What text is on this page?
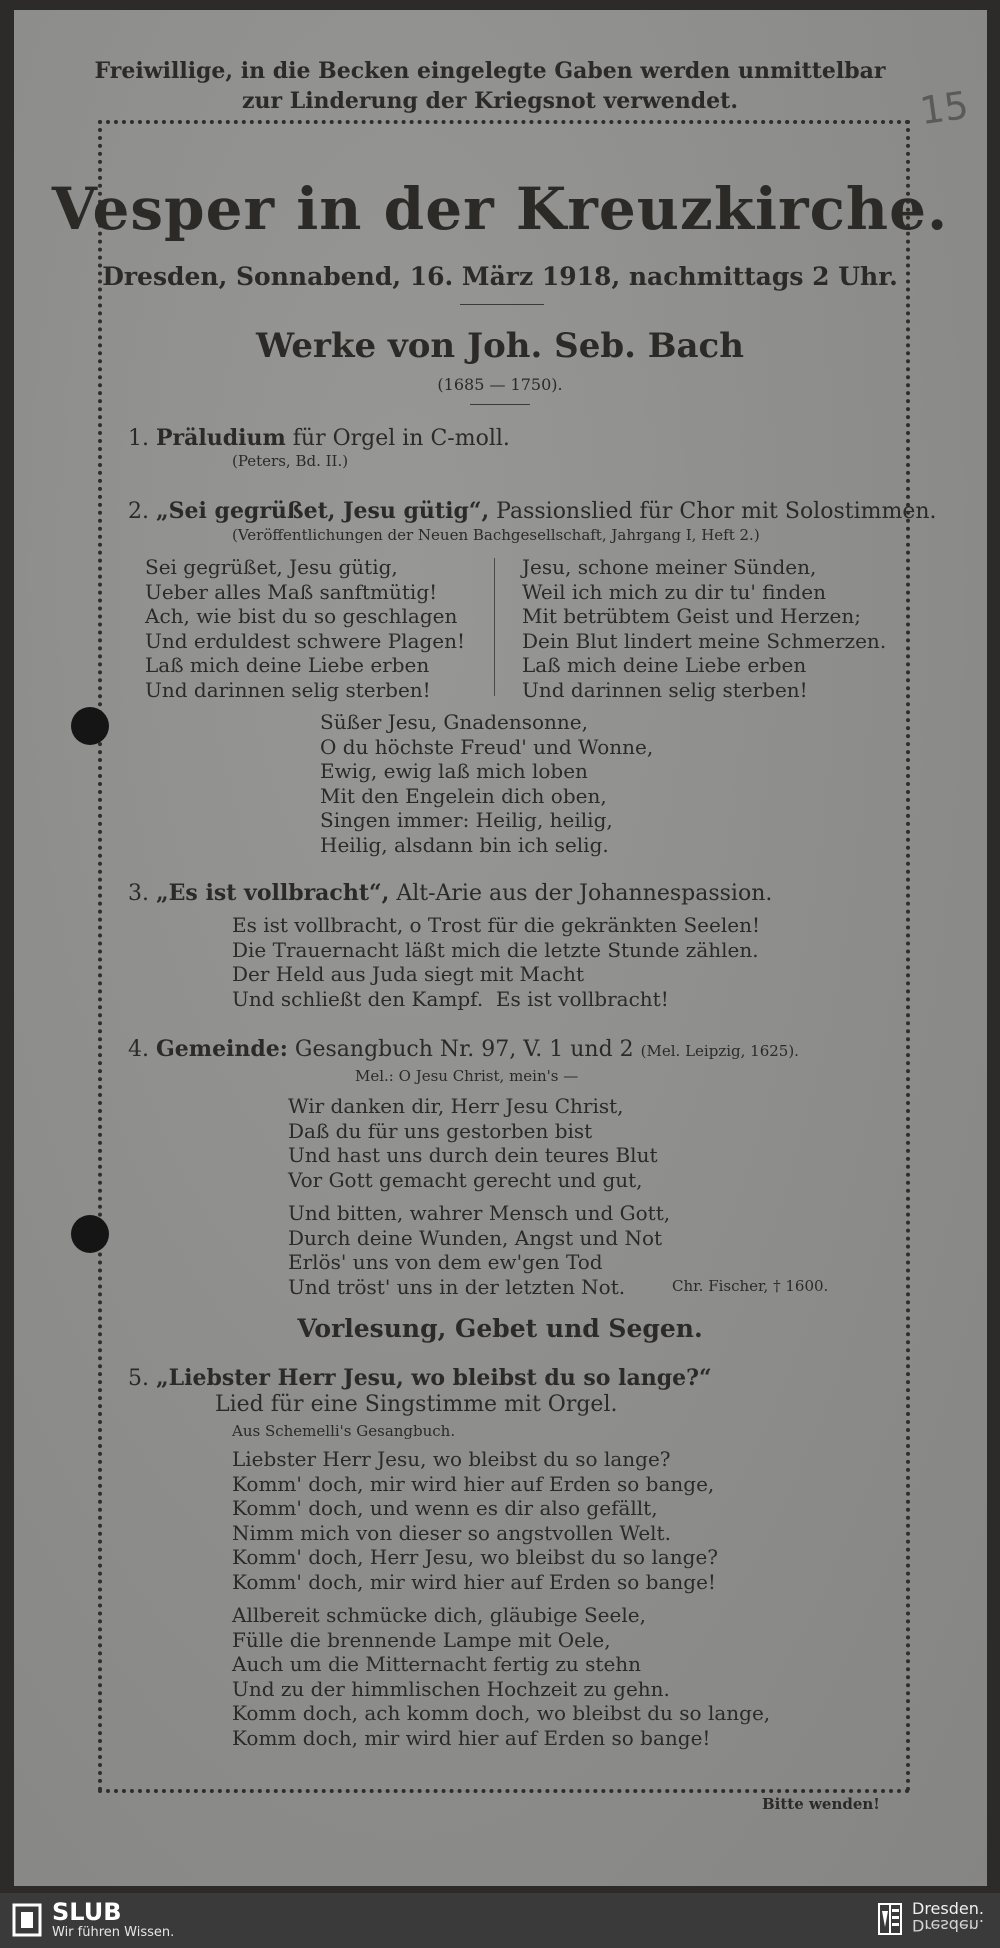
Freiwillige, in die Becken eingelegte Gaben werden unmittelbar
zur Linderung der Kriegsnot verwendet.	15
Vesper in der Kreuzkirche.
Dresden, Sonnabend, 16. März 1918, nachmittags 2 Uhr.
Werke von Joh. Seb. Bach
(1685 — 1750).
1. Präludium für Orgel in C-moll.
(Peters, Bd. II.)
2. „Sei gegrüßet, Jesu gütig“, Passionslied für Chor mit Solostimmen.
(Veröffentlichungen der Neuen Bachgesellschaft, Jahrgang I, Heft 2.)
Sei gegrüßet, Jesu gütig,
Ueber alles Maß sanftmütig!
Ach, wie bist du so geschlagen
Und erduldest schwere Plagen!
Laß mich deine Liebe erben
Und darinnen selig sterben!
Jesu, schone meiner Sünden,
Weil ich mich zu dir tu' finden
Mit betrübtem Geist und Herzen;
Dein Blut lindert meine Schmerzen.
Laß mich deine Liebe erben
Und darinnen selig sterben!
Süßer Jesu, Gnadensonne,
O du höchste Freud' und Wonne,
Ewig, ewig laß mich loben
Mit den Engelein dich oben,
Singen immer: Heilig, heilig,
Heilig, alsdann bin ich selig.
3. „Es ist vollbracht“, Alt-Arie aus der Johannespassion.
Es ist vollbracht, o Trost für die gekränkten Seelen!
Die Trauernacht läßt mich die letzte Stunde zählen.
Der Held aus Juda siegt mit Macht
Und schließt den Kampf.  Es ist vollbracht!
4. Gemeinde: Gesangbuch Nr. 97, V. 1 und 2 (Mel. Leipzig, 1625).
Mel.: O Jesu Christ, mein's —
Wir danken dir, Herr Jesu Christ,
Daß du für uns gestorben bist
Und hast uns durch dein teures Blut
Vor Gott gemacht gerecht und gut,
Und bitten, wahrer Mensch und Gott,
Durch deine Wunden, Angst und Not
Erlös' uns von dem ew'gen Tod
Und tröst' uns in der letzten Not.	Chr. Fischer, † 1600.
Vorlesung, Gebet und Segen.
5. „Liebster Herr Jesu, wo bleibst du so lange?“
Lied für eine Singstimme mit Orgel.
Aus Schemelli's Gesangbuch.
Liebster Herr Jesu, wo bleibst du so lange?
Komm' doch, mir wird hier auf Erden so bange,
Komm' doch, und wenn es dir also gefällt,
Nimm mich von dieser so angstvollen Welt.
Komm' doch, Herr Jesu, wo bleibst du so lange?
Komm' doch, mir wird hier auf Erden so bange!
Allbereit schmücke dich, gläubige Seele,
Fülle die brennende Lampe mit Oele,
Auch um die Mitternacht fertig zu stehn
Und zu der himmlischen Hochzeit zu gehn.
Komm doch, ach komm doch, wo bleibst du so lange,
Komm doch, mir wird hier auf Erden so bange!
Bitte wenden!
SLUB
Wir führen Wissen.
Dresden.
Dresden.
